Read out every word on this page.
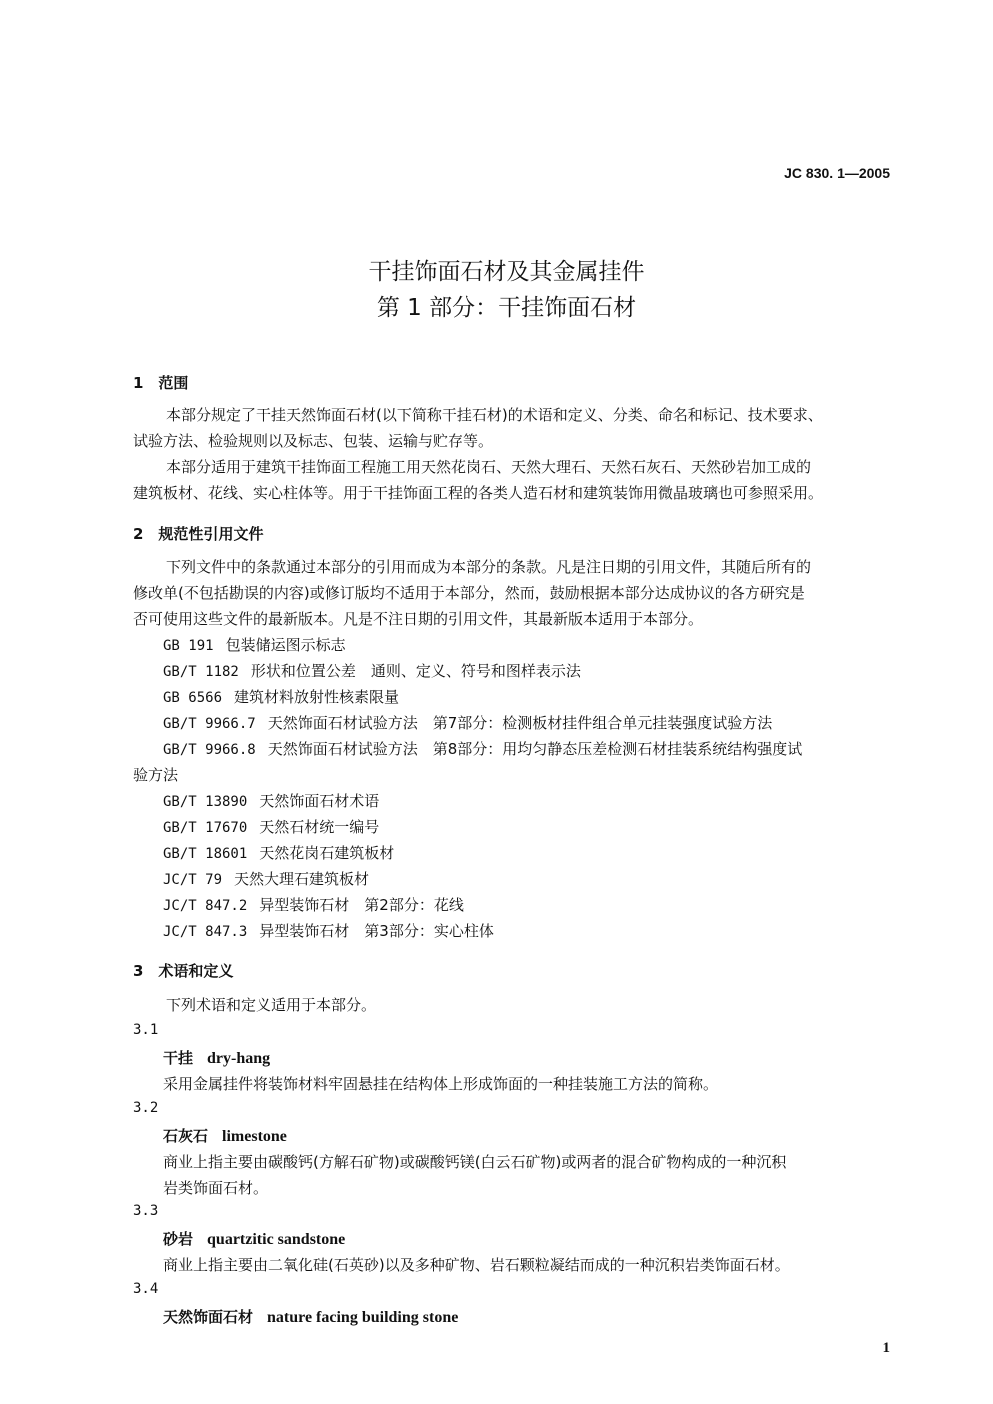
JC 830. 1—2005
干挂饰面石材及其金属挂件
第 1 部分：干挂饰面石材
1　范围
本部分规定了干挂天然饰面石材(以下简称干挂石材)的术语和定义、分类、命名和标记、技术要求、
试验方法、检验规则以及标志、包装、运输与贮存等。
本部分适用于建筑干挂饰面工程施工用天然花岗石、天然大理石、天然石灰石、天然砂岩加工成的
建筑板材、花线、实心柱体等。用于干挂饰面工程的各类人造石材和建筑装饰用微晶玻璃也可参照采用。
2　规范性引用文件
下列文件中的条款通过本部分的引用而成为本部分的条款。凡是注日期的引用文件，其随后所有的
修改单(不包括勘误的内容)或修订版均不适用于本部分，然而，鼓励根据本部分达成协议的各方研究是
否可使用这些文件的最新版本。凡是不注日期的引用文件，其最新版本适用于本部分。
GB 191 包装储运图示标志
GB/T 1182 形状和位置公差　通则、定义、符号和图样表示法
GB 6566 建筑材料放射性核素限量
GB/T 9966.7 天然饰面石材试验方法　第7部分：检测板材挂件组合单元挂装强度试验方法
GB/T 9966.8 天然饰面石材试验方法　第8部分：用均匀静态压差检测石材挂装系统结构强度试
验方法
GB/T 13890 天然饰面石材术语
GB/T 17670 天然石材统一编号
GB/T 18601 天然花岗石建筑板材
JC/T 79 天然大理石建筑板材
JC/T 847.2 异型装饰石材　第2部分：花线
JC/T 847.3 异型装饰石材　第3部分：实心柱体
3　术语和定义
下列术语和定义适用于本部分。
3.1
干挂 dry-hang
采用金属挂件将装饰材料牢固悬挂在结构体上形成饰面的一种挂装施工方法的简称。
3.2
石灰石 limestone
商业上指主要由碳酸钙(方解石矿物)或碳酸钙镁(白云石矿物)或两者的混合矿物构成的一种沉积
岩类饰面石材。
3.3
砂岩 quartzitic sandstone
商业上指主要由二氧化硅(石英砂)以及多种矿物、岩石颗粒凝结而成的一种沉积岩类饰面石材。
3.4
天然饰面石材 nature facing building stone
1
